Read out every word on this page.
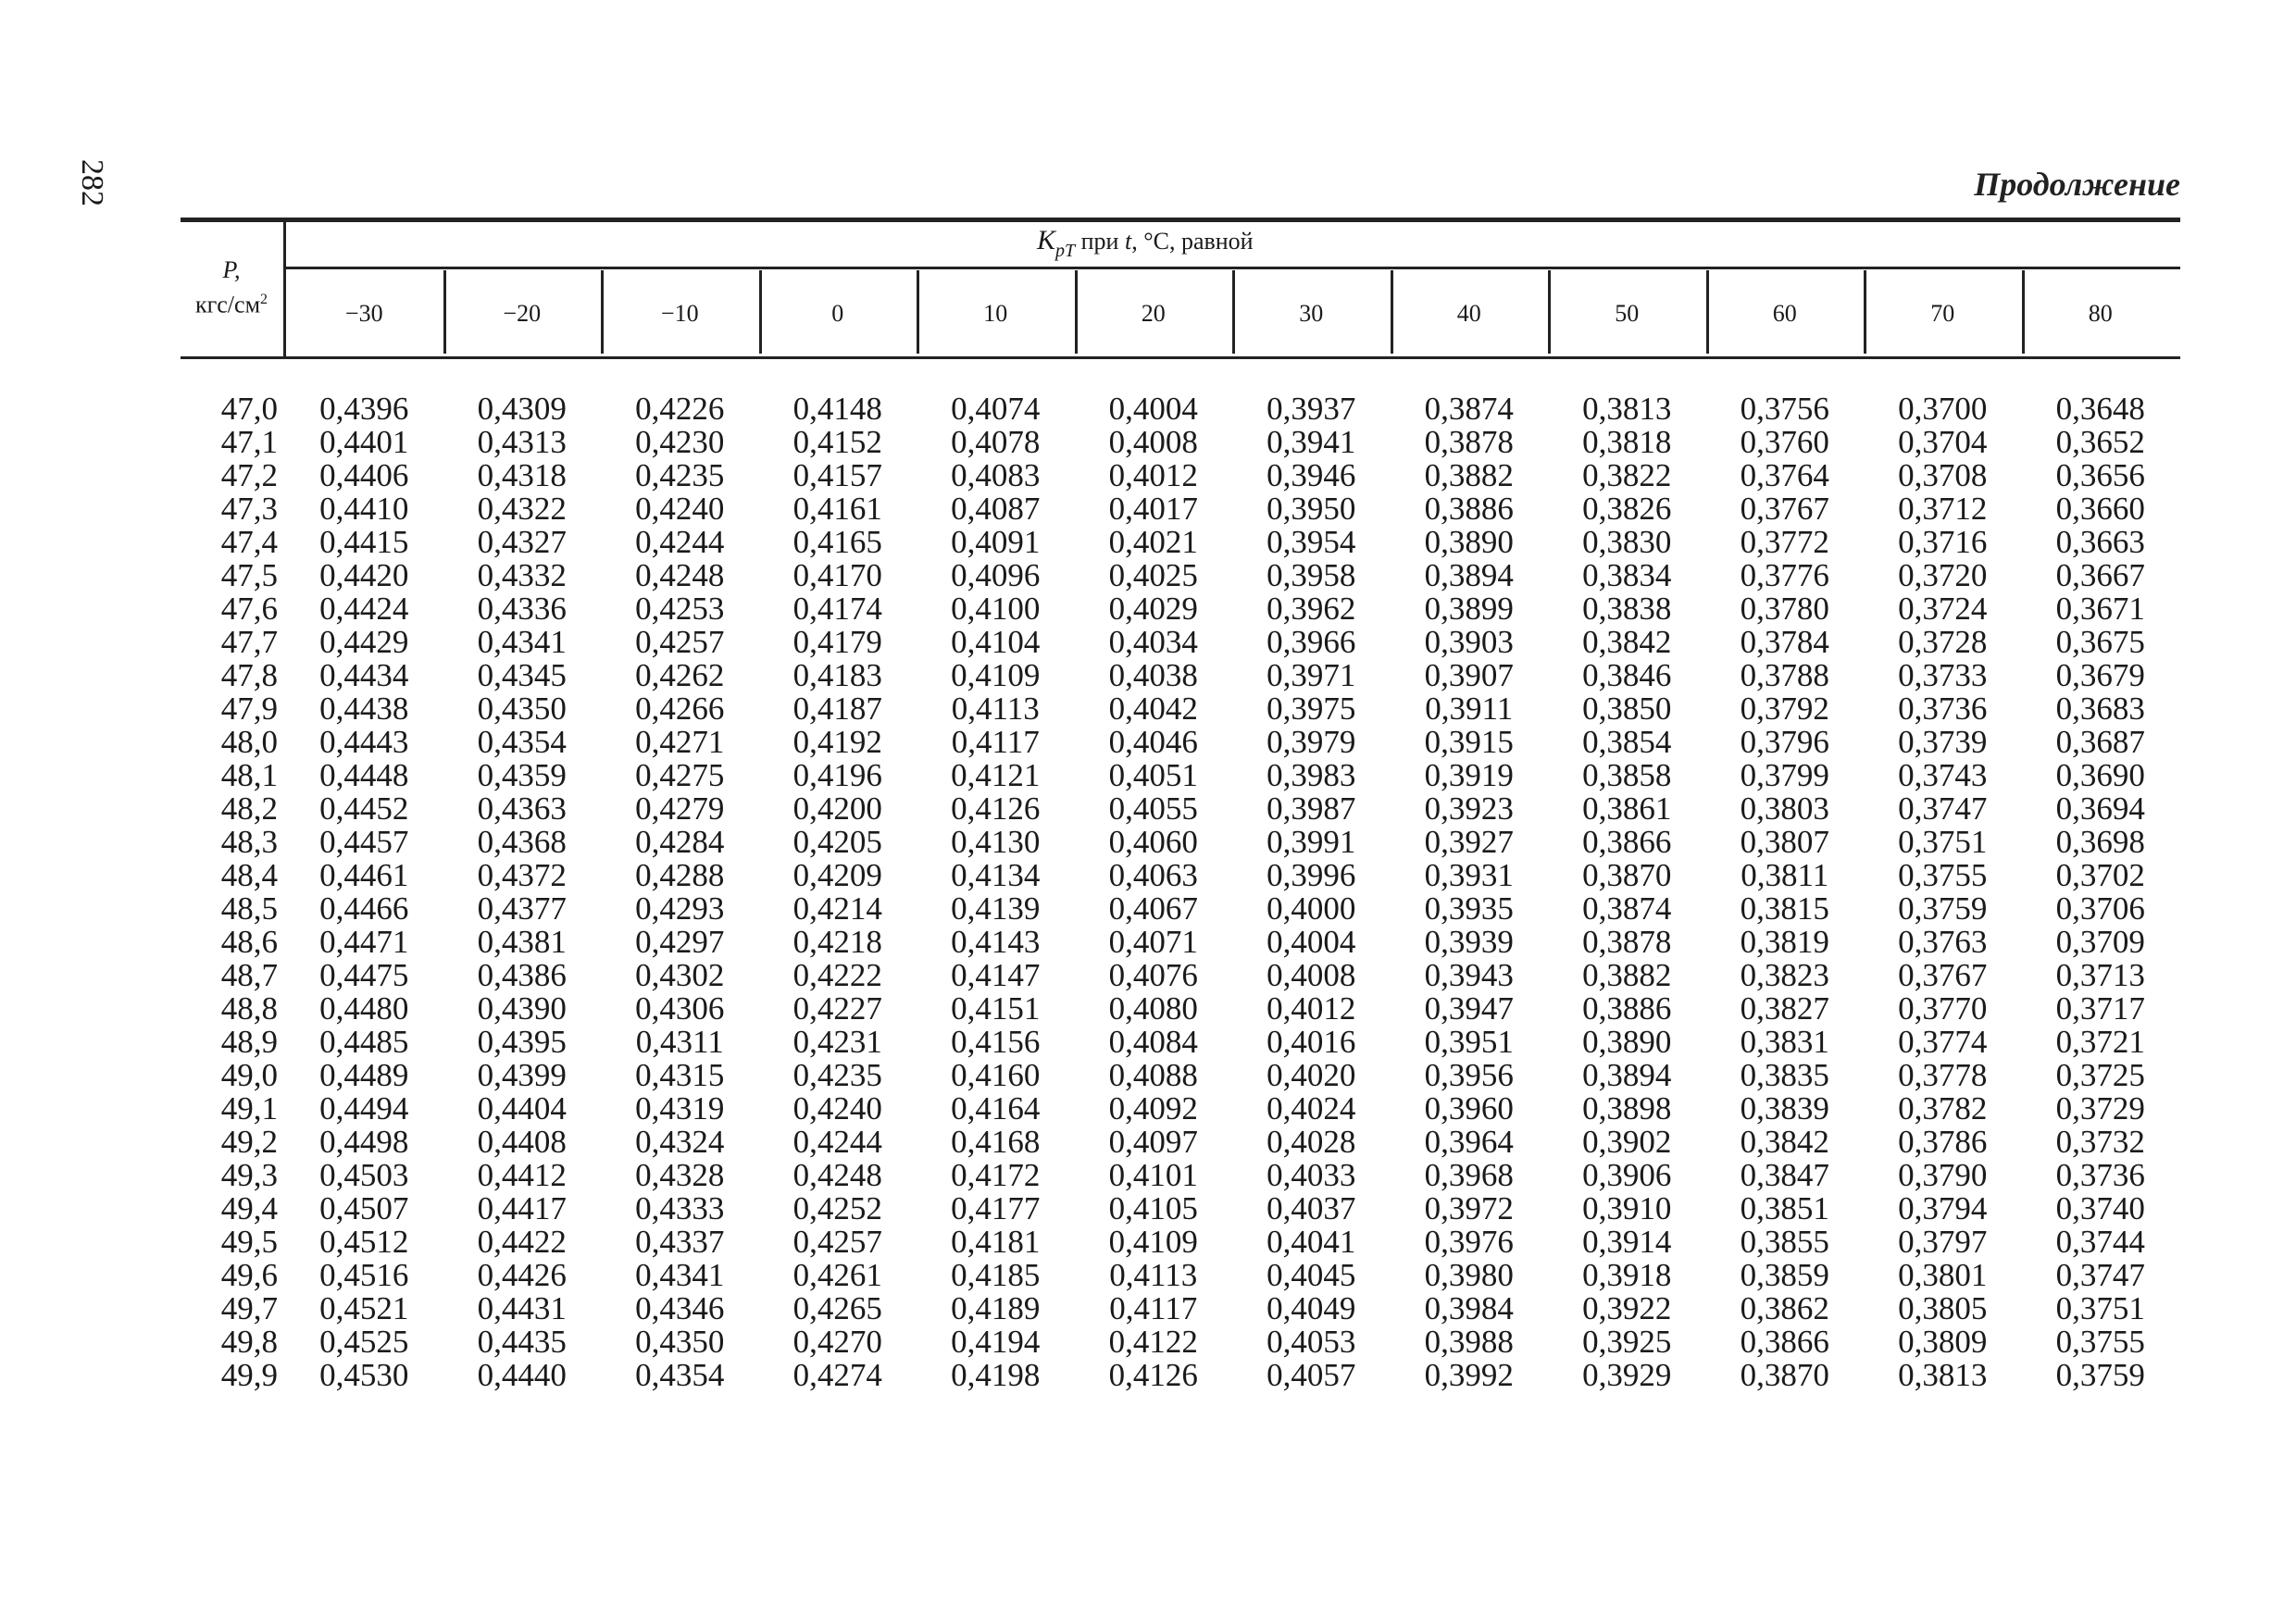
282	Продолжение
P,
кгс/$см^2$
$K_{pT}$ при t, °C, равной
−30	−20	−10	0	10	20	30	40	50	60	70	80
47,0	0,4396	0,4309	0,4226	0,4148	0,4074	0,4004	0,3937	0,3874	0,3813	0,3756	0,3700	0,3648
47,1	0,4401	0,4313	0,4230	0,4152	0,4078	0,4008	0,3941	0,3878	0,3818	0,3760	0,3704	0,3652
47,2	0,4406	0,4318	0,4235	0,4157	0,4083	0,4012	0,3946	0,3882	0,3822	0,3764	0,3708	0,3656
47,3	0,4410	0,4322	0,4240	0,4161	0,4087	0,4017	0,3950	0,3886	0,3826	0,3767	0,3712	0,3660
47,4	0,4415	0,4327	0,4244	0,4165	0,4091	0,4021	0,3954	0,3890	0,3830	0,3772	0,3716	0,3663
47,5	0,4420	0,4332	0,4248	0,4170	0,4096	0,4025	0,3958	0,3894	0,3834	0,3776	0,3720	0,3667
47,6	0,4424	0,4336	0,4253	0,4174	0,4100	0,4029	0,3962	0,3899	0,3838	0,3780	0,3724	0,3671
47,7	0,4429	0,4341	0,4257	0,4179	0,4104	0,4034	0,3966	0,3903	0,3842	0,3784	0,3728	0,3675
47,8	0,4434	0,4345	0,4262	0,4183	0,4109	0,4038	0,3971	0,3907	0,3846	0,3788	0,3733	0,3679
47,9	0,4438	0,4350	0,4266	0,4187	0,4113	0,4042	0,3975	0,3911	0,3850	0,3792	0,3736	0,3683
48,0	0,4443	0,4354	0,4271	0,4192	0,4117	0,4046	0,3979	0,3915	0,3854	0,3796	0,3739	0,3687
48,1	0,4448	0,4359	0,4275	0,4196	0,4121	0,4051	0,3983	0,3919	0,3858	0,3799	0,3743	0,3690
48,2	0,4452	0,4363	0,4279	0,4200	0,4126	0,4055	0,3987	0,3923	0,3861	0,3803	0,3747	0,3694
48,3	0,4457	0,4368	0,4284	0,4205	0,4130	0,4060	0,3991	0,3927	0,3866	0,3807	0,3751	0,3698
48,4	0,4461	0,4372	0,4288	0,4209	0,4134	0,4063	0,3996	0,3931	0,3870	0,3811	0,3755	0,3702
48,5	0,4466	0,4377	0,4293	0,4214	0,4139	0,4067	0,4000	0,3935	0,3874	0,3815	0,3759	0,3706
48,6	0,4471	0,4381	0,4297	0,4218	0,4143	0,4071	0,4004	0,3939	0,3878	0,3819	0,3763	0,3709
48,7	0,4475	0,4386	0,4302	0,4222	0,4147	0,4076	0,4008	0,3943	0,3882	0,3823	0,3767	0,3713
48,8	0,4480	0,4390	0,4306	0,4227	0,4151	0,4080	0,4012	0,3947	0,3886	0,3827	0,3770	0,3717
48,9	0,4485	0,4395	0,4311	0,4231	0,4156	0,4084	0,4016	0,3951	0,3890	0,3831	0,3774	0,3721
49,0	0,4489	0,4399	0,4315	0,4235	0,4160	0,4088	0,4020	0,3956	0,3894	0,3835	0,3778	0,3725
49,1	0,4494	0,4404	0,4319	0,4240	0,4164	0,4092	0,4024	0,3960	0,3898	0,3839	0,3782	0,3729
49,2	0,4498	0,4408	0,4324	0,4244	0,4168	0,4097	0,4028	0,3964	0,3902	0,3842	0,3786	0,3732
49,3	0,4503	0,4412	0,4328	0,4248	0,4172	0,4101	0,4033	0,3968	0,3906	0,3847	0,3790	0,3736
49,4	0,4507	0,4417	0,4333	0,4252	0,4177	0,4105	0,4037	0,3972	0,3910	0,3851	0,3794	0,3740
49,5	0,4512	0,4422	0,4337	0,4257	0,4181	0,4109	0,4041	0,3976	0,3914	0,3855	0,3797	0,3744
49,6	0,4516	0,4426	0,4341	0,4261	0,4185	0,4113	0,4045	0,3980	0,3918	0,3859	0,3801	0,3747
49,7	0,4521	0,4431	0,4346	0,4265	0,4189	0,4117	0,4049	0,3984	0,3922	0,3862	0,3805	0,3751
49,8	0,4525	0,4435	0,4350	0,4270	0,4194	0,4122	0,4053	0,3988	0,3925	0,3866	0,3809	0,3755
49,9	0,4530	0,4440	0,4354	0,4274	0,4198	0,4126	0,4057	0,3992	0,3929	0,3870	0,3813	0,3759
